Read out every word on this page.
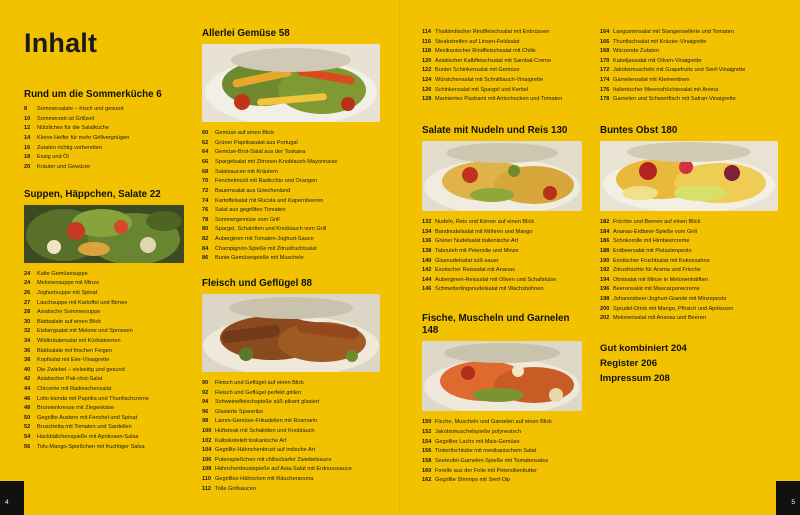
Inhalt
Rund um die Sommerküche 6
8	Sommersalate – frisch und gesund
10	Sommerzeit ist Grillzeit
12	Nützliches für die Salatküche
14	Kleine Helfer für mehr Grillvergnügen
16	Zutaten richtig vorbereiten
18	Essig und Öl
20	Kräuter und Gewürze
Suppen, Häppchen, Salate 22
24	Kalte Gemüsesuppe
24	Melonensuppe mit Minze
26	Joghurtsuppe mit Spinat
27	Lauchsuppe mit Kartoffel und Birnen
28	Asiatische Sommersuppe
30	Blattsalate auf einen Blick
32	Eisbergsalat mit Melone und Sprossen
34	Wildkräutersalat mit Kürbiskernen
36	Blattsalate mit frischen Feigen
38	Kopfsalat mit Eier-Vinaigrette
40	Die Zwiebel – vielseitig und gesund
42	Asiatischer Pak-choi-Salat
44	Chicorée mit Radieschensalat
46	Lollo bionda mit Paprika und Thunfischcreme
48	Brunnenkresse mit Ziegenkäse
50	Gegrillte Austern mit Fenchel und Spinat
52	Bruschetta mit Tomaten und Sardellen
54	Hackbällchenspieße mit Aprikosen-Salsa
56	Tofu-Mango-Spießchen mit fruchtiger Salsa
Allerlei Gemüse 58
60	Gemüse auf einen Blick
62	Grüner Paprikasalat aus Portugal
64	Gemüse-Brot-Salat aus der Toskana
66	Spargelsalat mit Zitronen-Knoblauch-Mayonnaise
68	Salatsaucen mit Kräutern
70	Fenchelmüsli mit Radicchio und Orangen
72	Bauernsalat aus Griechenland
74	Kartoffelsalat mit Rucola und Kapernbeeren
76	Salat aus gegrillten Tomaten
78	Sommergemüse vom Grill
80	Spargel, Schalotten und Knoblauch vom Grill
82	Auberginen mit Tomaten-Joghurt-Sauce
84	Champignon-Spieße mit Zitrusfruchtsalat
86	Bunte Gemüsespieße mit Muscheln
Fleisch und Geflügel 88
90	Fleisch und Geflügel auf einen Blick
92	Fleisch und Geflügel perfekt grillen
94	Schweinefleischspieße süß-pikant glasiert
96	Glasierte Spareribs
98	Lamm-Gemüse-Frikadellen mit Rosmarin
100 Hüftsteak mit Schalotten und Knoblauch
102 Kalbskotelett toskanische Art
104 Gegrillte Hähnchenbrust auf indische Art
106 Putenspießchen mit chilischarfer Zwiebelsauce
108 Hähnchenbrustspieße auf Asia-Salat mit Erdnusssauce
110 Gegrilltes Hähnchen mit Räucheraroma
112 Tolle Grillsaucen
4
114 Thailändischer Rindfleischsalat mit Erdnüssen
116 Steakstreifen auf Linsen-Feldsalat
118 Mexikanischer Rindfleischsalat mit Chilis
120 Asiatischer Kalbfleischsalat mit Sambal-Creme
122 Bunter Schinkensalat mit Gemüse
124 Würstchensalat mit Schnittlauch-Vinaigrette
126 Schinkensalat mit Spargel und Kerbel
128 Mariniertes Pastrami mit Artischocken und Tomaten
Salate mit Nudeln und Reis 130
132 Nudeln, Reis und Körner auf einen Blick
134 Bandnudelsalat mit Möhren und Mango
136 Grüner Nudelsalat italienische Art
138 Tabouleh mit Petersilie und Minze
140 Glasnudelsalat süß-sauer
142 Exotischer Reissalat mit Ananas
144 Auberginen-Reissalat mit Oliven und Schafskäse
146 Schmetterlingsnudelsalat mit Wachsbohnen
Fische, Muscheln und Garnelen 148
150 Fische, Muscheln und Garnelen auf einen Blick
152 Jakobsmuschelspieße polynesisch
154 Gegrillter Lachs mit Mais-Gemüse
156 Tintenfischtube mit mexikanischem Salat
158 Seeteufel-Garnelen-Spieße mit Tomatensalsa
160 Forelle aus der Folie mit Petersilienbutter
162 Gegrillte Shrimps mit Senf-Dip
164 Langustensalat mit Stangensellerie und Tomaten
166 Thunfischsalat mit Kräuter-Vinaigrette
168 Würzende Zutaten
170 Kabeljausalat mit Oliven-Vinaigrette
172 Jakobsmuscheln mit Grapefruits und Senf-Vinaigrette
174 Garnelensalat mit Klementinen
176 Italienischer Meeresfrüchtesalat mit Anona
178 Garnelen und Schwertfisch mit Safran-Vinaigrette
Buntes Obst 180
182 Früchte und Beeren auf einen Blick
184 Ananas-Erdbeer-Spieße vom Grill
186 Schokorolle mit Himbeercreme
188 Erdbeersalat mit Pistazienpesto
190 Exotischer Fruchtsalat mit Kokossahne
192 Zitrusfrüchte für Aroma und Frische
194 Obstsalat mit Minze in Melonenhälften
196 Beerensalat mit Mascarponecreme
198 Johannisbeer-Joghurt-Granité mit Minzepesto
200 Sprudel-Drink mit Mango, Pfirsich und Aprikosen
202 Melonensalat mit Ananas und Beeren
Gut kombiniert 204
Register 206
Impressum 208
5
